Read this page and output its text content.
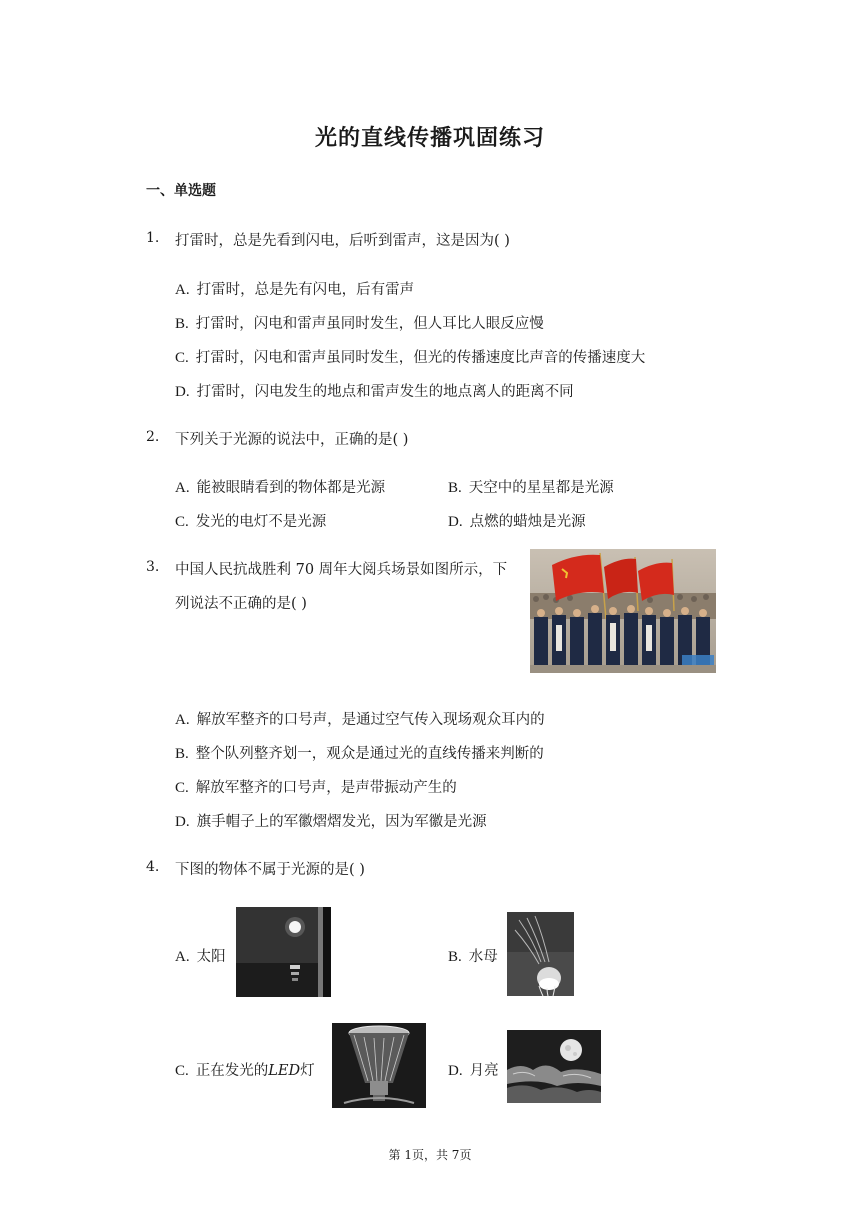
光的直线传播巩固练习
一、单选题
1. 打雷时，总是先看到闪电，后听到雷声，这是因为( )
A. 打雷时，总是先有闪电，后有雷声
B. 打雷时，闪电和雷声虽同时发生，但人耳比人眼反应慢
C. 打雷时，闪电和雷声虽同时发生，但光的传播速度比声音的传播速度大
D. 打雷时，闪电发生的地点和雷声发生的地点离人的距离不同
2. 下列关于光源的说法中，正确的是( )
A. 能被眼睛看到的物体都是光源	B. 天空中的星星都是光源
C. 发光的电灯不是光源	D. 点燃的蜡烛是光源
3. 中国人民抗战胜利 70 周年大阅兵场景如图所示，下
列说法不正确的是( )
A. 解放军整齐的口号声，是通过空气传入现场观众耳内的
B. 整个队列整齐划一，观众是通过光的直线传播来判断的
C. 解放军整齐的口号声，是声带振动产生的
D. 旗手帽子上的军徽熠熠发光，因为军徽是光源
4. 下图的物体不属于光源的是( )
A. 太阳	B. 水母
C. 正在发光的LED灯	D. 月亮
第 1页，共 7页
